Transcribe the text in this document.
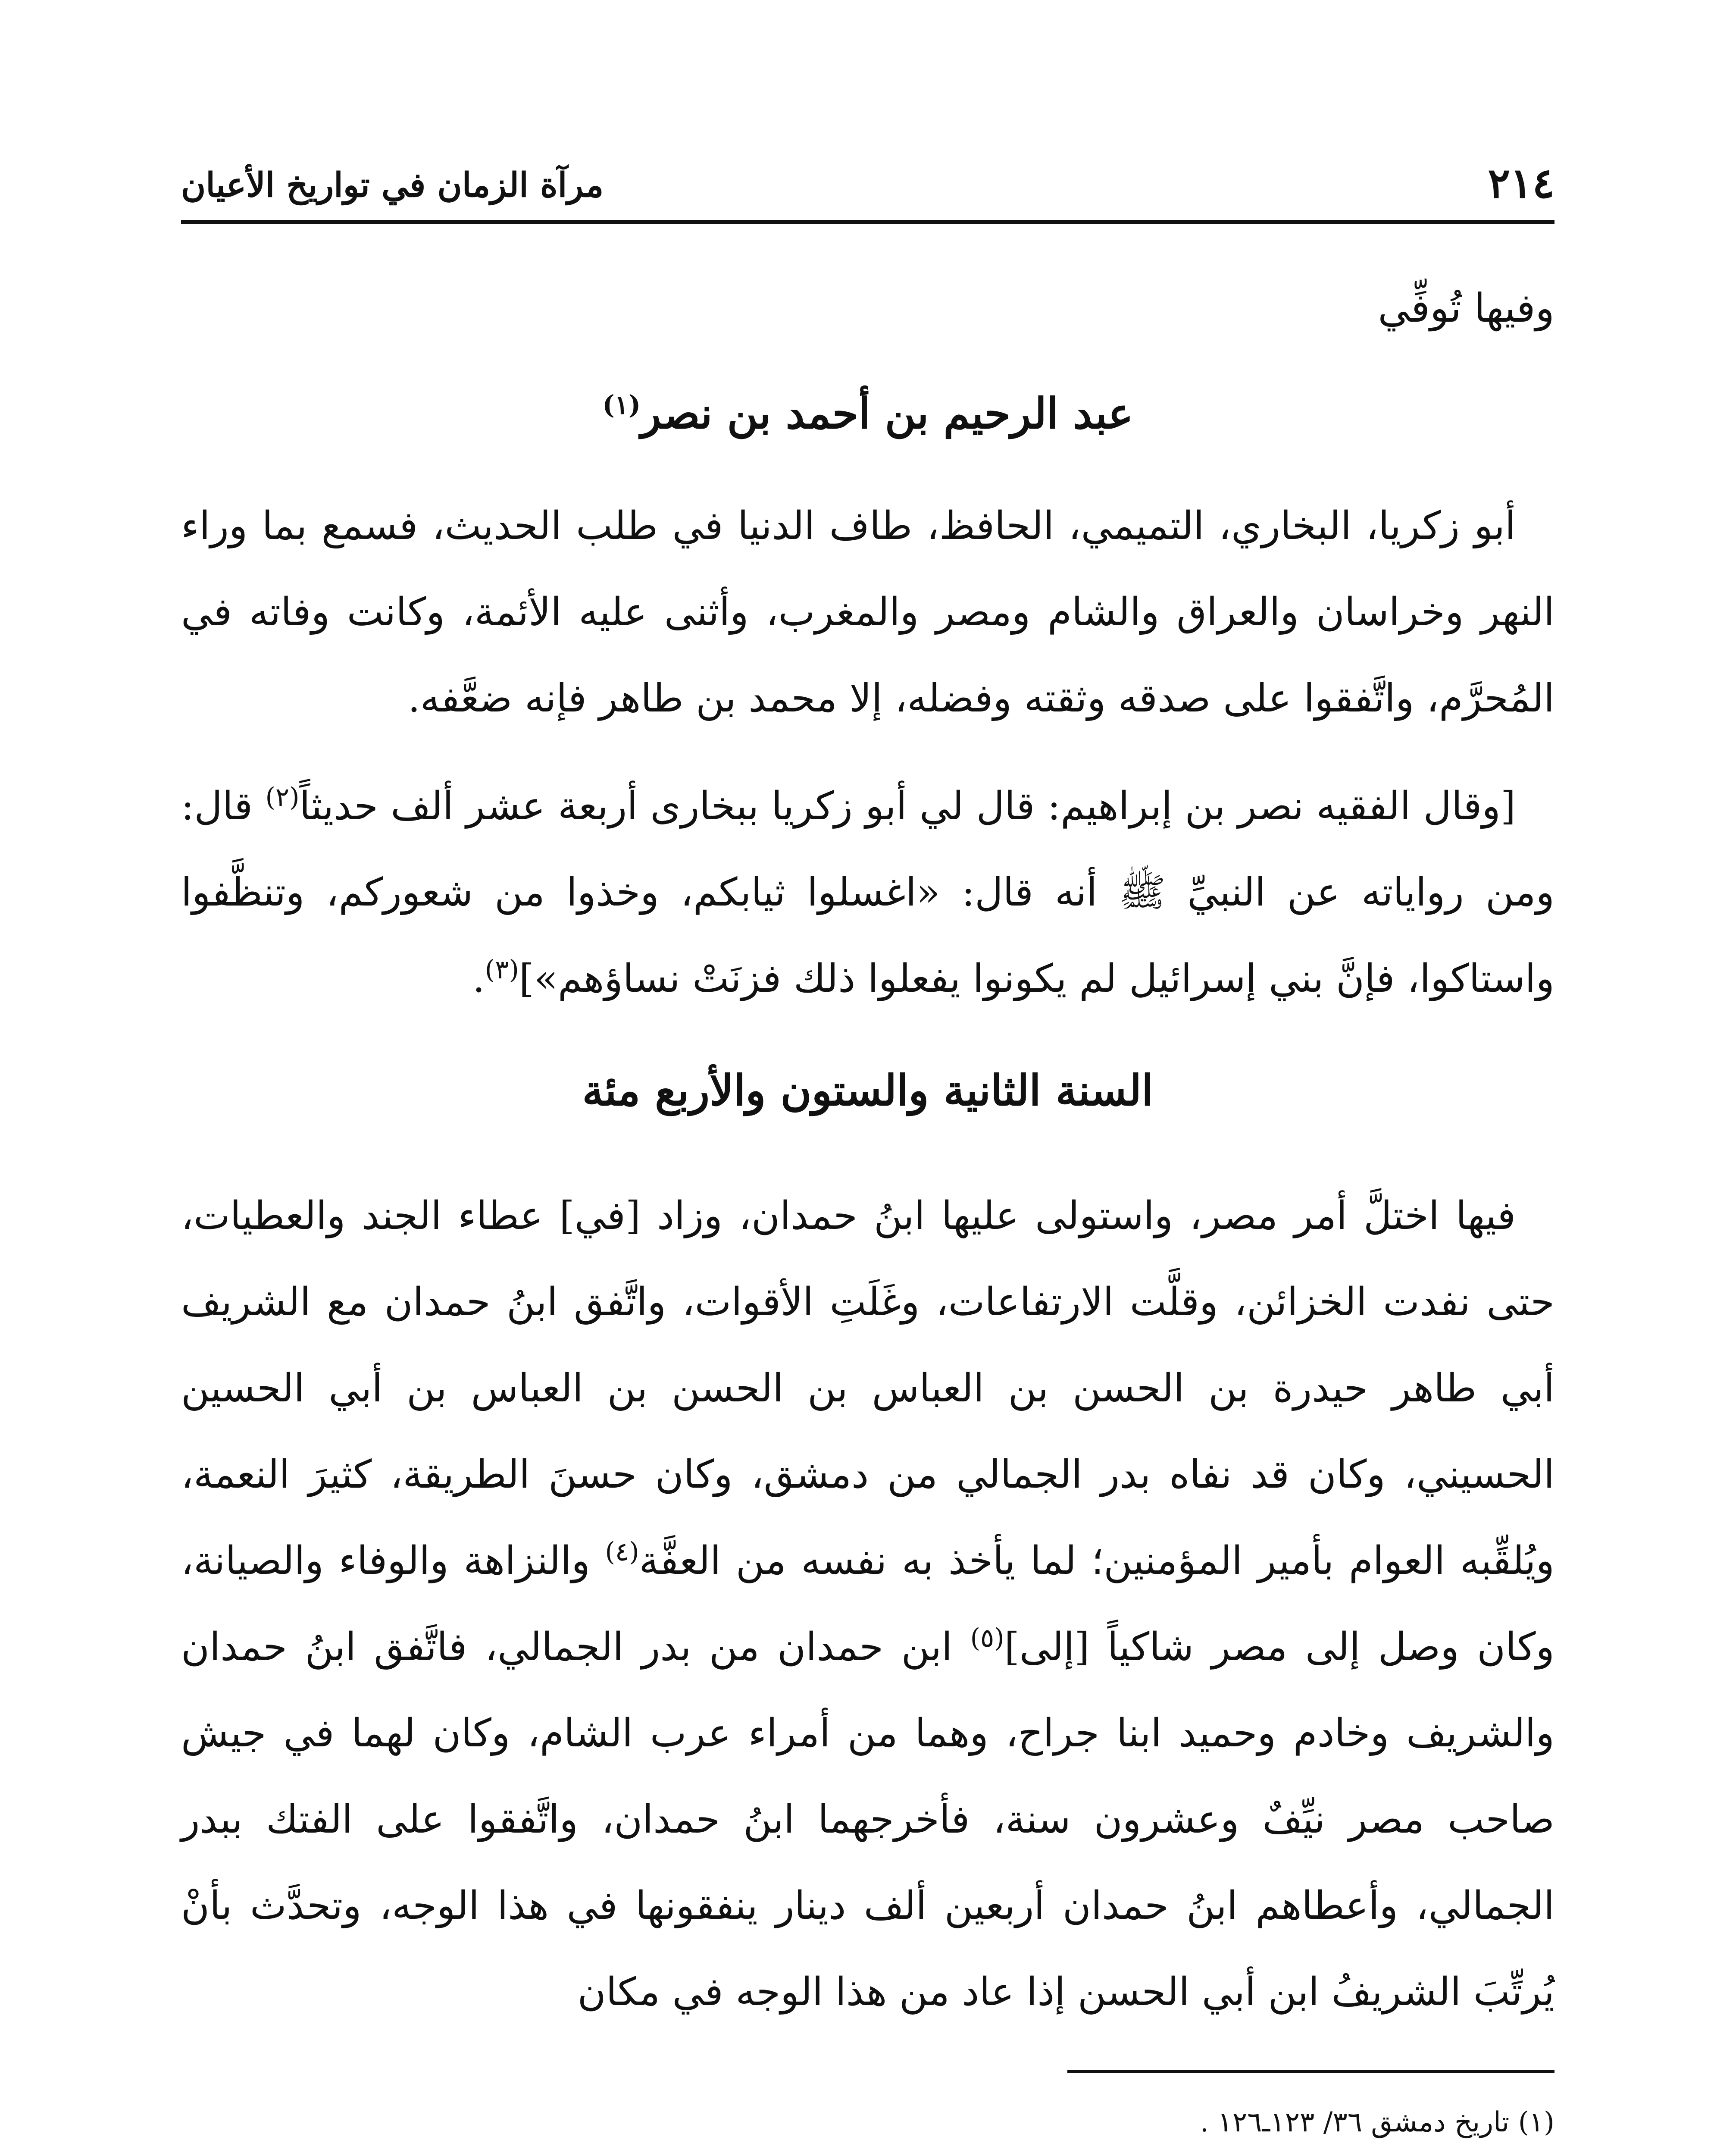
٢١٤
مرآة الزمان في تواريخ الأعيان
وفيها تُوفِّي
عبد الرحيم بن أحمد بن نصر$^{(١)}$
أبو زكريا، البخاري، التميمي، الحافظ، طاف الدنيا في طلب الحديث، فسمع بما وراء النهر وخراسان والعراق والشام ومصر والمغرب، وأثنى عليه الأئمة، وكانت وفاته في المُحرَّم، واتَّفقوا على صدقه وثقته وفضله، إلا محمد بن طاهر فإنه ضعَّفه.
[وقال الفقيه نصر بن إبراهيم: قال لي أبو زكريا ببخارى أربعة عشر ألف حديثاً$^{(٢)}$ قال: ومن رواياته عن النبيِّ ﷺ أنه قال: «اغسلوا ثيابكم، وخذوا من شعوركم، وتنظَّفوا واستاكوا، فإنَّ بني إسرائيل لم يكونوا يفعلوا ذلك فزنَتْ نساؤهم»]$^{(٣)}$.
السنة الثانية والستون والأربع مئة
فيها اختلَّ أمر مصر، واستولى عليها ابنُ حمدان، وزاد [في] عطاء الجند والعطيات، حتى نفدت الخزائن، وقلَّت الارتفاعات، وغَلَتِ الأقوات، واتَّفق ابنُ حمدان مع الشريف أبي طاهر حيدرة بن الحسن بن العباس بن الحسن بن العباس بن أبي الحسين الحسيني، وكان قد نفاه بدر الجمالي من دمشق، وكان حسنَ الطريقة، كثيرَ النعمة، ويُلقِّبه العوام بأمير المؤمنين؛ لما يأخذ به نفسه من العفَّة$^{(٤)}$ والنزاهة والوفاء والصيانة، وكان وصل إلى مصر شاكياً [إلى]$^{(٥)}$ ابن حمدان من بدر الجمالي، فاتَّفق ابنُ حمدان والشريف وخادم وحميد ابنا جراح، وهما من أمراء عرب الشام، وكان لهما في جيش صاحب مصر نيِّفٌ وعشرون سنة، فأخرجهما ابنُ حمدان، واتَّفقوا على الفتك ببدر الجمالي، وأعطاهم ابنُ حمدان أربعين ألف دينار ينفقونها في هذا الوجه، وتحدَّث بأنْ يُرتِّبَ الشريفُ ابن أبي الحسن إذا عاد من هذا الوجه في مكان
(١) تاريخ دمشق ٣٦/ ١٢٣ـ١٢٦ .
